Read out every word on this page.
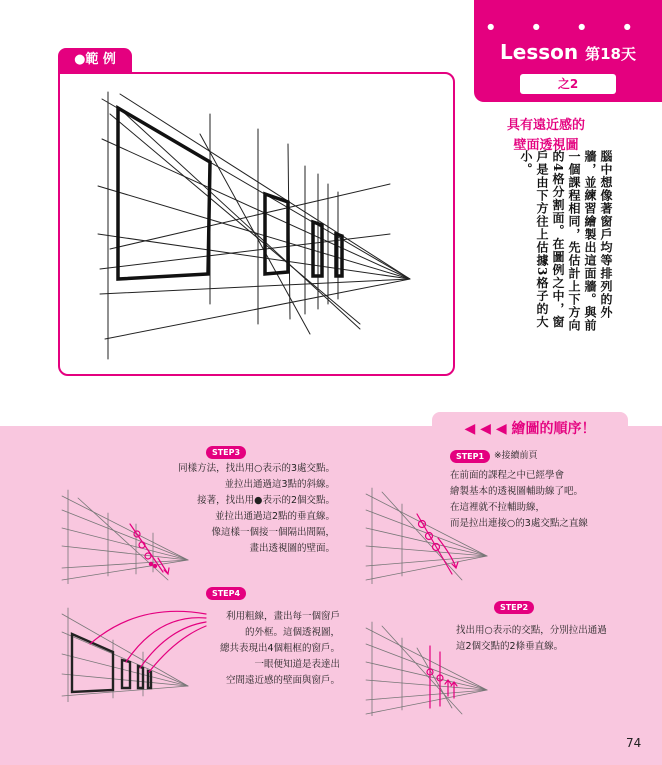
● ● ● ●
Lesson 第18天
之2
●範 例
具有遠近感的
壁面透視圖
腦中想像著窗戶均等排列的外牆，並練習繪製出這面牆。與前一個課程相同，先估計上下方向的4格分割面。在圖例之中，窗戶是由下方往上估據3格子的大小。
◀ ◀ ◀ 繪圖的順序！
STEP3
同樣方法，找出用○表示的3處交點。
並拉出通過這3點的斜線。
接著，找出用●表示的2個交點。
並拉出通過這2點的垂直線。
像這樣一個接一個隔出間隔，
畫出透視圖的壁面。
STEP4
利用粗線，畫出每一個窗戶
的外框。這個透視圖，
總共表現出4個粗框的窗戶。
一眼便知道是表達出
空間遠近感的壁面與窗戶。
STEP1	※接續前頁
在前面的課程之中已經學會
繪製基本的透視圖輔助線了吧。
在這裡就不拉輔助線，
而是拉出連接○的3處交點之直線
STEP2
找出用○表示的交點，分別拉出通過
這2個交點的2條垂直線。
74
